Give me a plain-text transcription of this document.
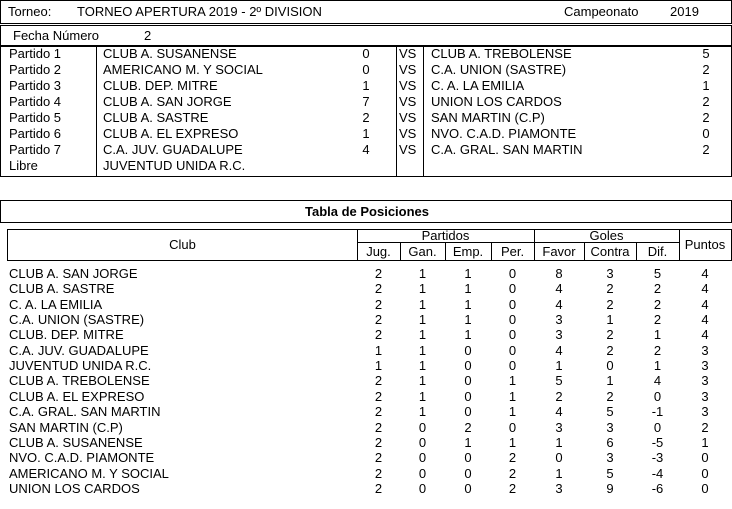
Torneo: TORNEO APERTURA 2019 - 2º DIVISION	Campeonato 2019
Fecha Número	2
Partido 1	CLUB A. SUSANENSE	0 VS CLUB A. TREBOLENSE	5
Partido 2	AMERICANO M. Y SOCIAL	0 VS C.A. UNION (SASTRE)	2
Partido 3	CLUB. DEP. MITRE	1 VS C. A. LA EMILIA	1
Partido 4	CLUB A. SAN JORGE	7 VS UNION LOS CARDOS	2
Partido 5	CLUB A. SASTRE	2 VS SAN MARTIN (C.P)	2
Partido 6	CLUB A. EL EXPRESO	1 VS NVO. C.A.D. PIAMONTE	0
Partido 7	C.A. JUV. GUADALUPE	4 VS C.A. GRAL. SAN MARTIN	2
Libre	JUVENTUD UNIDA R.C.
Tabla de Posiciones
Club
Partidos	Goles
Puntos
Jug.	Gan.	Emp.	Per.	Favor	Contra	Dif.
CLUB A. SAN JORGE	2	1	1	0	8	3	5	4
CLUB A. SASTRE	2	1	1	0	4	2	2	4
C. A. LA EMILIA	2	1	1	0	4	2	2	4
C.A. UNION (SASTRE)	2	1	1	0	3	1	2	4
CLUB. DEP. MITRE	2	1	1	0	3	2	1	4
C.A. JUV. GUADALUPE	1	1	0	0	4	2	2	3
JUVENTUD UNIDA R.C.	1	1	0	0	1	0	1	3
CLUB A. TREBOLENSE	2	1	0	1	5	1	4	3
CLUB A. EL EXPRESO	2	1	0	1	2	2	0	3
C.A. GRAL. SAN MARTIN	2	1	0	1	4	5	-1	3
SAN MARTIN (C.P)	2	0	2	0	3	3	0	2
CLUB A. SUSANENSE	2	0	1	1	1	6	-5	1
NVO. C.A.D. PIAMONTE	2	0	0	2	0	3	-3	0
AMERICANO M. Y SOCIAL	2	0	0	2	1	5	-4	0
UNION LOS CARDOS	2	0	0	2	3	9	-6	0
